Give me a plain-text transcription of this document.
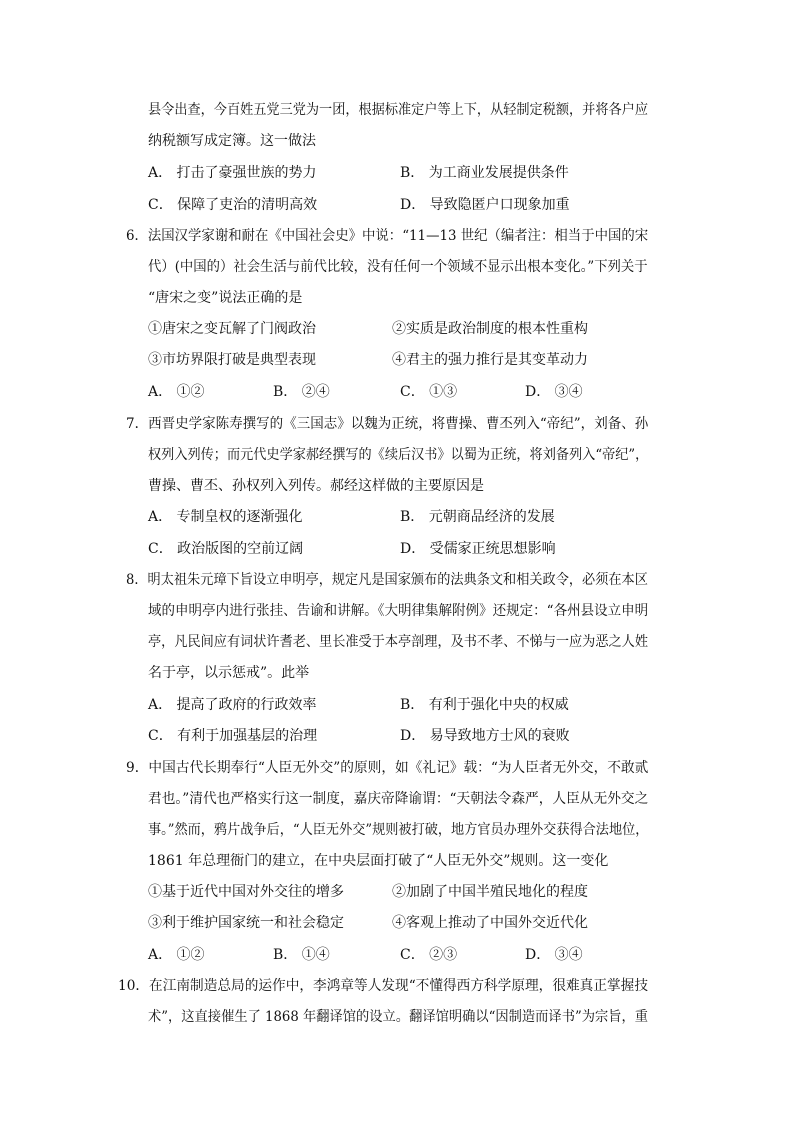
县令出查，今百姓五党三党为一团，根据标准定户等上下，从轻制定税额，并将各户应
纳税额写成定簿。这一做法
A． 打击了豪强世族的势力	B． 为工商业发展提供条件
C． 保障了吏治的清明高效	D． 导致隐匿户口现象加重
6．法国汉学家谢和耐在《中国社会史》中说：“11—13 世纪（编者注：相当于中国的宋
代）(中国的）社会生活与前代比较，没有任何一个领域不显示出根本变化。”下列关于
“唐宋之变”说法正确的是
①唐宋之变瓦解了门阀政治	②实质是政治制度的根本性重构
③市坊界限打破是典型表现	④君主的强力推行是其变革动力
A． ①②	B． ②④	C． ①③	D． ③④
7．西晋史学家陈寿撰写的《三国志》以魏为正统，将曹操、曹丕列入“帝纪”，刘备、孙
权列入列传；而元代史学家郝经撰写的《续后汉书》以蜀为正统，将刘备列入“帝纪”，
曹操、曹丕、孙权列入列传。郝经这样做的主要原因是
A． 专制皇权的逐渐强化	B． 元朝商品经济的发展
C． 政治版图的空前辽阔	D． 受儒家正统思想影响
8．明太祖朱元璋下旨设立申明亭，规定凡是国家颁布的法典条文和相关政令，必须在本区
域的申明亭内进行张挂、告谕和讲解。《大明律集解附例》还规定：“各州县设立申明
亭，凡民间应有词状许耆老、里长准受于本亭剖理，及书不孝、不悌与一应为恶之人姓
名于亭，以示惩戒”。此举
A． 提高了政府的行政效率	B． 有利于强化中央的权威
C． 有利于加强基层的治理	D． 易导致地方士风的衰败
9．中国古代长期奉行“人臣无外交”的原则，如《礼记》载：“为人臣者无外交，不敢贰
君也。”清代也严格实行这一制度，嘉庆帝降谕谓：“天朝法令森严，人臣从无外交之
事。”然而，鸦片战争后，“人臣无外交”规则被打破，地方官员办理外交获得合法地位，
1861 年总理衙门的建立，在中央层面打破了“人臣无外交”规则。这一变化
①基于近代中国对外交往的增多	②加剧了中国半殖民地化的程度
③利于维护国家统一和社会稳定	④客观上推动了中国外交近代化
A． ①②	B． ①④	C． ②③	D． ③④
10．在江南制造总局的运作中，李鸿章等人发现“不懂得西方科学原理，很难真正掌握技
术”，这直接催生了 1868 年翻译馆的设立。翻译馆明确以“因制造而译书”为宗旨，重
